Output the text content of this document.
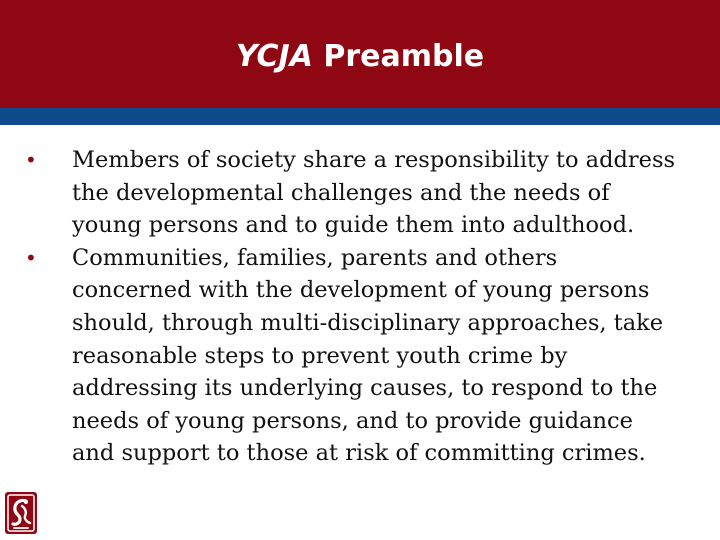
YCJA Preamble
• Members of society share a responsibility to address the developmental challenges and the needs of young persons and to guide them into adulthood.
• Communities, families, parents and others concerned with the development of young persons should, through multi-disciplinary approaches, take reasonable steps to prevent youth crime by addressing its underlying causes, to respond to the needs of young persons, and to provide guidance and support to those at risk of committing crimes.
